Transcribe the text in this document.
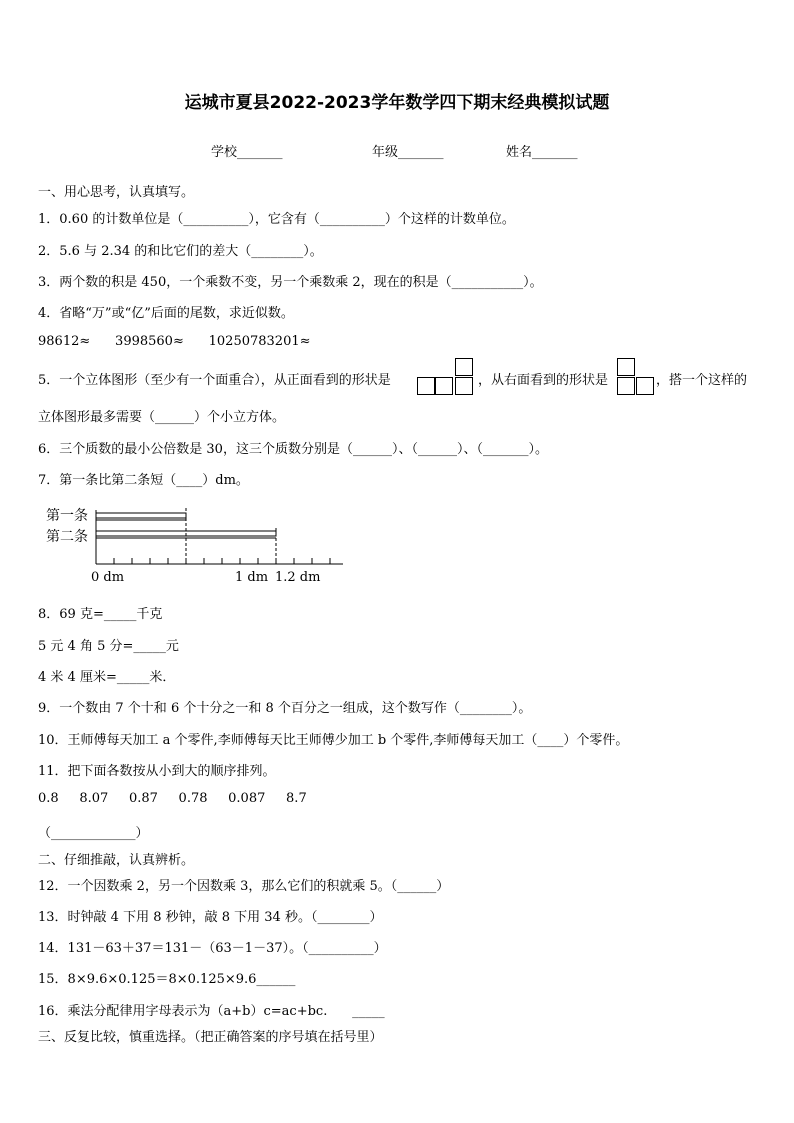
运城市夏县2022-2023学年数学四下期末经典模拟试题
学校_______	年级_______	姓名_______
一、用心思考，认真填写。
1．0.60 的计数单位是（__________），它含有（__________）个这样的计数单位。
2．5.6 与 2.34 的和比它们的差大（________）。
3．两个数的积是 450，一个乘数不变，另一个乘数乘 2，现在的积是（___________）。
4．省略“万”或“亿”后面的尾数，求近似数。
98612≈      3998560≈      10250783201≈
5．一个立体图形（至少有一个面重合），从正面看到的形状是	，从右面看到的形状是	，搭一个这样的
立体图形最多需要（______）个小立方体。
6．三个质数的最小公倍数是 30，这三个质数分别是（______）、（______）、（_______）。
7．第一条比第二条短（____）dm。
第一条
第二条
0 dm	1 dm 1.2 dm
8．69 克=_____千克
5 元 4 角 5 分=_____元
4 米 4 厘米=_____米．
9．一个数由 7 个十和 6 个十分之一和 8 个百分之一组成，这个数写作（________）。
10．王师傅每天加工 a 个零件,李师傅每天比王师傅少加工 b 个零件,李师傅每天加工（____）个零件。
11．把下面各数按从小到大的顺序排列。
0.8     8.07     0.87     0.78     0.087     8.7
（_____________）
二、仔细推敲，认真辨析。
12．一个因数乘 2，另一个因数乘 3，那么它们的积就乘 5。（______）
13．时钟敲 4 下用 8 秒钟，敲 8 下用 34 秒。（________）
14．131－63＋37＝131－（63－1－37）。（__________）
15．8×9.6×0.125＝8×0.125×9.6______
16．乘法分配律用字母表示为（a+b）c=ac+bc.      _____
三、反复比较，慎重选择。（把正确答案的序号填在括号里）
